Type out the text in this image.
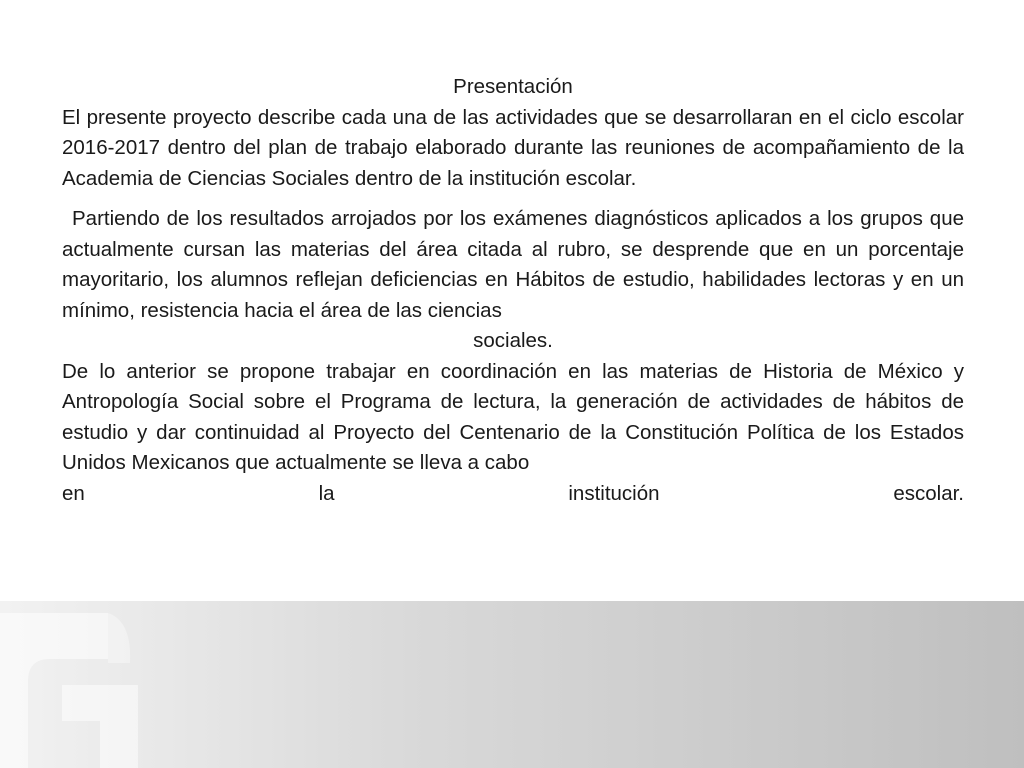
Presentación

El presente proyecto describe cada una de las actividades que se desarrollaran en el ciclo escolar 2016-2017 dentro del plan de trabajo elaborado durante las reuniones de acompañamiento de la Academia de Ciencias Sociales dentro de la institución escolar.

Partiendo de los resultados arrojados por los exámenes diagnósticos aplicados a los grupos que actualmente cursan las materias del área citada al rubro, se desprende que en un porcentaje mayoritario, los alumnos reflejan deficiencias en Hábitos de estudio, habilidades lectoras y en un mínimo, resistencia hacia el área de las ciencias

sociales.

De lo anterior se propone trabajar en coordinación en las materias de Historia de México y Antropología Social sobre el Programa de lectura, la generación de actividades de hábitos de estudio y dar continuidad al Proyecto del Centenario de la Constitución Política de los Estados Unidos Mexicanos que actualmente se lleva a cabo

en la institución escolar.
